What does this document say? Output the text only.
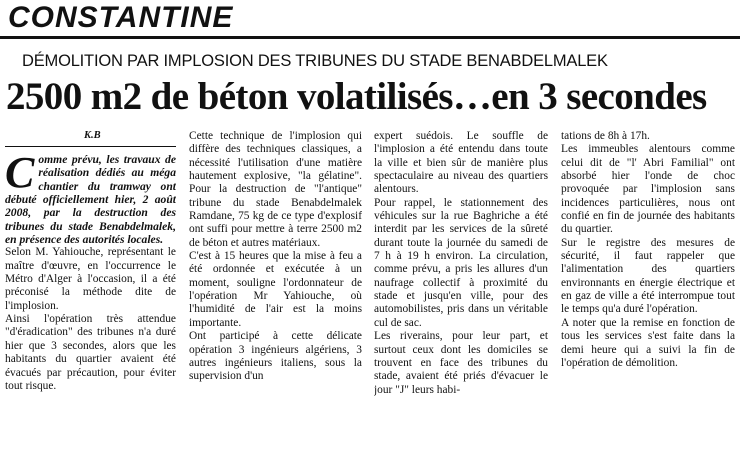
CONSTANTINE
DÉMOLITION PAR IMPLOSION DES TRIBUNES DU STADE BENABDELMALEK
2500 m2 de béton volatilisés…en 3 secondes
K.B

Comme prévu, les travaux de réalisation dédiés au méga chantier du tramway ont débuté officiellement hier, 2 août 2008, par la destruction des tribunes du stade Benabdelmalek, en présence des autorités locales.

Selon M. Yahiouche, représentant le maître d'œuvre, en l'occurrence le Métro d'Alger à l'occasion, il a été préconisé la méthode dite de l'implosion.

Ainsi l'opération très attendue "d'éradication" des tribunes n'a duré hier que 3 secondes, alors que les habitants du quartier avaient été évacués par précaution, pour éviter tout risque.

Cette technique de l'implosion qui diffère des techniques classiques, a nécessité l'utilisation d'une matière hautement explosive, "la gélatine". Pour la destruction de "l'antique" tribune du stade Benabdelmalek Ramdane, 75 kg de ce type d'explosif ont suffi pour mettre à terre 2500 m2 de béton et autres matériaux.

C'est à 15 heures que la mise à feu a été ordonnée et exécutée à un moment, souligne l'ordonnateur de l'opération Mr Yahiouche, où l'humidité de l'air est la moins importante.

Ont participé à cette délicate opération 3 ingénieurs algériens, 3 autres ingénieurs italiens, sous la supervision d'un

expert suédois. Le souffle de l'implosion a été entendu dans toute la ville et bien sûr de manière plus spectaculaire au niveau des quartiers alentours.

Pour rappel, le stationnement des véhicules sur la rue Baghriche a été interdit par les services de la sûreté durant toute la journée du samedi de 7 h à 19 h environ. La circulation, comme prévu, a pris les allures d'un naufrage collectif à proximité du stade et jusqu'en ville, pour des automobilistes, pris dans un véritable cul de sac.

Les riverains, pour leur part, et surtout ceux dont les domiciles se trouvent en face des tribunes du stade, avaient été priés d'évacuer le jour "J" leurs habi-

tations de 8h à 17h.

Les immeubles alentours comme celui dit de "l' Abri Familial" ont absorbé hier l'onde de choc provoquée par l'implosion sans incidences particulières, nous ont confié en fin de journée des habitants du quartier.

Sur le registre des mesures de sécurité, il faut rappeler que l'alimentation des quartiers environnants en énergie électrique et en gaz de ville a été interrompue tout le temps qu'a duré l'opération.

A noter que la remise en fonction de tous les services s'est faite dans la demi heure qui a suivi la fin de l'opération de démolition.
